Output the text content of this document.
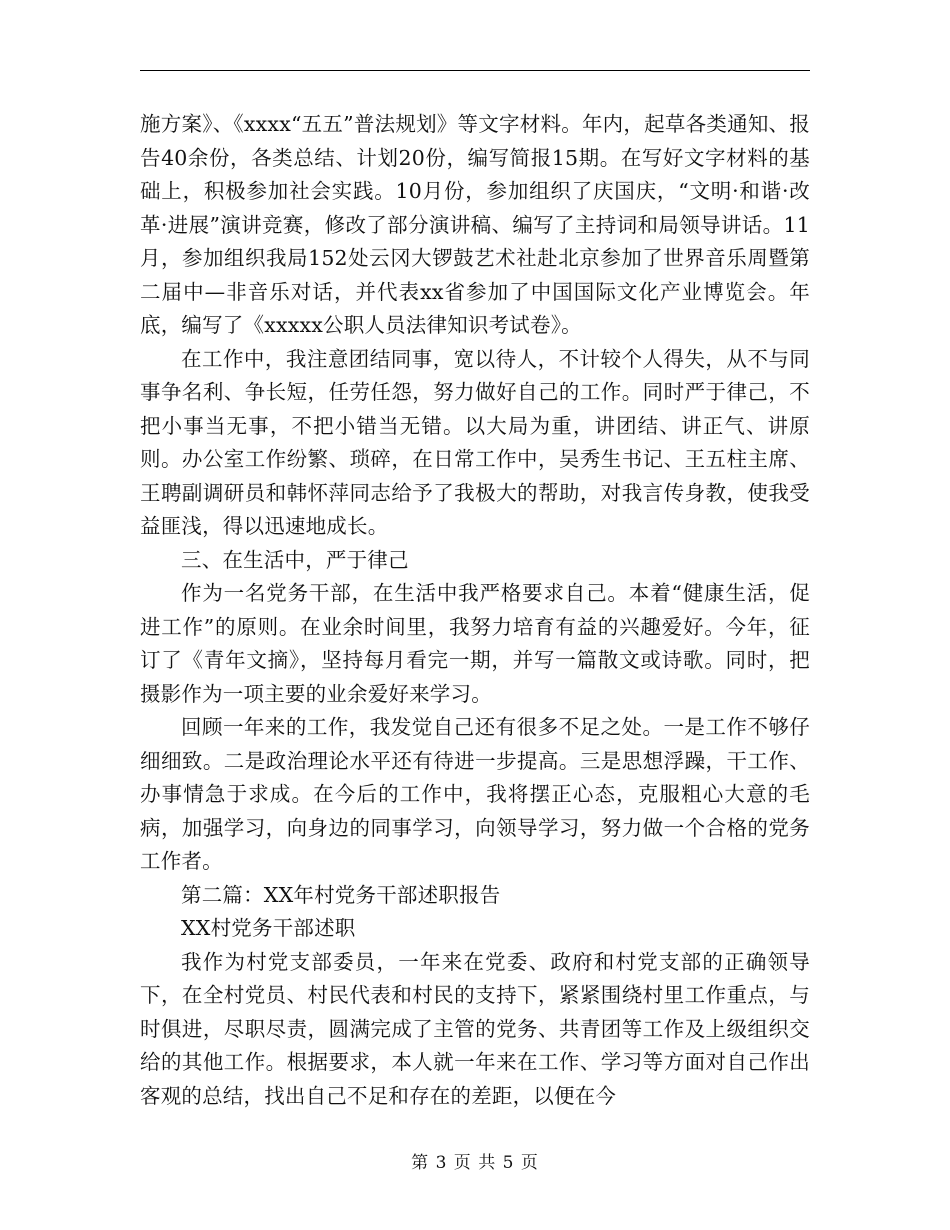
施方案》、《xxxx“五五”普法规划》等文字材料。年内，起草各类通知、报告40余份，各类总结、计划20份，编写简报15期。在写好文字材料的基础上，积极参加社会实践。10月份，参加组织了庆国庆，“文明·和谐·改革·进展”演讲竞赛，修改了部分演讲稿、编写了主持词和局领导讲话。11月，参加组织我局152处云冈大锣鼓艺术社赴北京参加了世界音乐周暨第二届中—非音乐对话，并代表xx省参加了中国国际文化产业博览会。年底，编写了《xxxxx公职人员法律知识考试卷》。

在工作中，我注意团结同事，宽以待人，不计较个人得失，从不与同事争名利、争长短，任劳任怨，努力做好自己的工作。同时严于律己，不把小事当无事，不把小错当无错。以大局为重，讲团结、讲正气、讲原则。办公室工作纷繁、琐碎，在日常工作中，吴秀生书记、王五柱主席、王聘副调研员和韩怀萍同志给予了我极大的帮助，对我言传身教，使我受益匪浅，得以迅速地成长。

三、在生活中，严于律己

作为一名党务干部，在生活中我严格要求自己。本着“健康生活，促进工作”的原则。在业余时间里，我努力培育有益的兴趣爱好。今年，征订了《青年文摘》，坚持每月看完一期，并写一篇散文或诗歌。同时，把摄影作为一项主要的业余爱好来学习。

回顾一年来的工作，我发觉自己还有很多不足之处。一是工作不够仔细细致。二是政治理论水平还有待进一步提高。三是思想浮躁，干工作、办事情急于求成。在今后的工作中，我将摆正心态，克服粗心大意的毛病，加强学习，向身边的同事学习，向领导学习，努力做一个合格的党务工作者。

第二篇：XX年村党务干部述职报告

XX村党务干部述职

我作为村党支部委员，一年来在党委、政府和村党支部的正确领导下，在全村党员、村民代表和村民的支持下，紧紧围绕村里工作重点，与时俱进，尽职尽责，圆满完成了主管的党务、共青团等工作及上级组织交给的其他工作。根据要求，本人就一年来在工作、学习等方面对自己作出客观的总结，找出自己不足和存在的差距，以便在今

第 3 页 共 5 页
